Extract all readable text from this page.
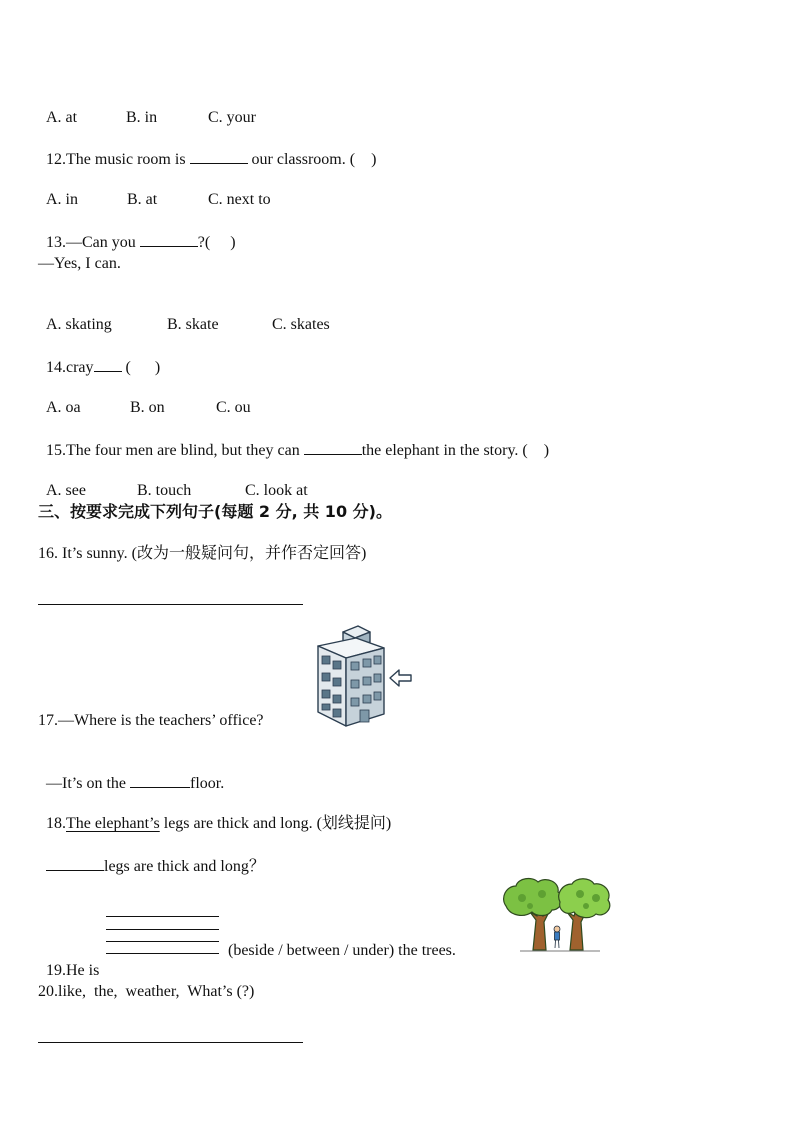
A. at	B. in	C. your

12.The music room is	our classroom. (    )

A. in	B. at	C. next to

13.—Can you	?(     )

—Yes, I can.

A. skating	B. skate	C. skates

14.cray (      )

A. oa	B. on	C. ou

15.The four men are blind, but they can	the elephant in the story. (    )

A. see	B. touch	C. look at

三、按要求完成下列句子(每题 2 分, 共 10 分)。
16. It’s sunny. (改为一般疑问句，并作否定回答)
17.—Where is the teachers’ office?

—It’s on the	floor.

18.The elephant’s legs are thick and long. (划线提问)

legs are thick and long？

19.He is

(beside / between / under) the trees.
20.like,  the,  weather,  What’s (?)
